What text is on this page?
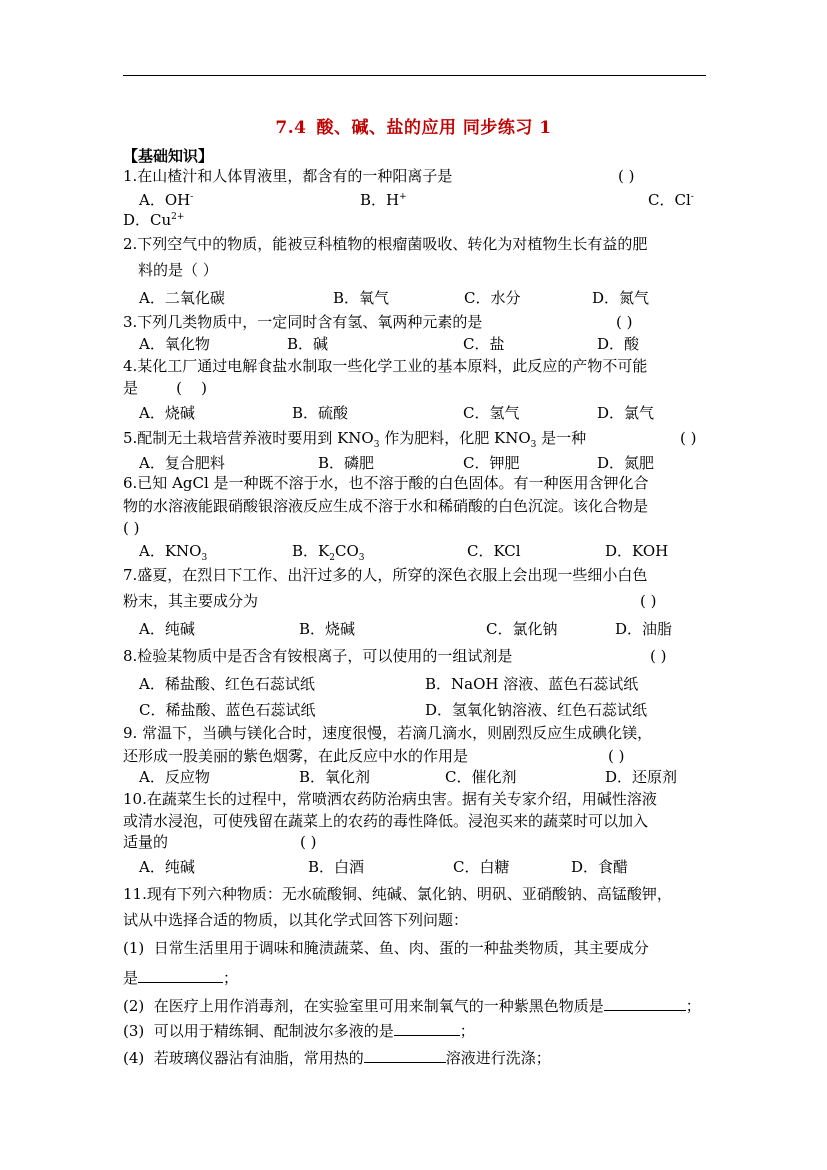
7.4 酸、碱、盐的应用 同步练习 1
【基础知识】
1.在山楂汁和人体胃液里，都含有的一种阳离子是	( )
A．OH-	B．H+	C．Cl-
D．$Cu^{2+}$
2.下列空气中的物质，能被豆科植物的根瘤菌吸收、转化为对植物生长有益的肥
料的是（ ）
A．二氧化碳	B．氧气	C．水分	D．氮气
3.下列几类物质中，一定同时含有氢、氧两种元素的是	( )
A．氧化物	B．碱	C．盐	D．酸
4.某化工厂通过电解食盐水制取一些化学工业的基本原料，此反应的产物不可能
是        (    )
A．烧碱	B．硫酸	C．氢气	D．氯气
5.配制无土栽培营养液时要用到 $KNO_3$ 作为肥料，化肥 $KNO_3$ 是一种	( )
A．复合肥料	B．磷肥	C．钾肥	D．氮肥
6.已知 AgCl 是一种既不溶于水，也不溶于酸的白色固体。有一种医用含钾化合
物的水溶液能跟硝酸银溶液反应生成不溶于水和稀硝酸的白色沉淀。该化合物是
( )
A．$KNO_3$	B．$K_2CO_3$	C．KCl	D．KOH
7.盛夏，在烈日下工作、出汗过多的人，所穿的深色衣服上会出现一些细小白色
粉末，其主要成分为	( )
A．纯碱	B．烧碱	C．氯化钠	D．油脂
8.检验某物质中是否含有铵根离子，可以使用的一组试剂是	( )
A．稀盐酸、红色石蕊试纸	B．NaOH 溶液、蓝色石蕊试纸
C．稀盐酸、蓝色石蕊试纸	D．氢氧化钠溶液、红色石蕊试纸
9. 常温下，当碘与镁化合时，速度很慢，若滴几滴水，则剧烈反应生成碘化镁，
还形成一股美丽的紫色烟雾，在此反应中水的作用是	( )
A．反应物	B．氧化剂	C．催化剂	D．还原剂
10.在蔬菜生长的过程中，常喷洒农药防治病虫害。据有关专家介绍，用碱性溶液
或清水浸泡，可使残留在蔬菜上的农药的毒性降低。浸泡买来的蔬菜时可以加入
适量的	( )
A．纯碱	B．白酒	C．白糖	D．食醋
11.现有下列六种物质：无水硫酸铜、纯碱、氯化钠、明矾、亚硝酸钠、高锰酸钾，
试从中选择合适的物质，以其化学式回答下列问题：
(1)  日常生活里用于调味和腌渍蔬菜、鱼、肉、蛋的一种盐类物质，其主要成分
是	；
(2)  在医疗上用作消毒剂，在实验室里可用来制氧气的一种紫黑色物质是	；
(3)  可以用于精练铜、配制波尔多液的是	；
(4)  若玻璃仪器沾有油脂，常用热的	溶液进行洗涤；
